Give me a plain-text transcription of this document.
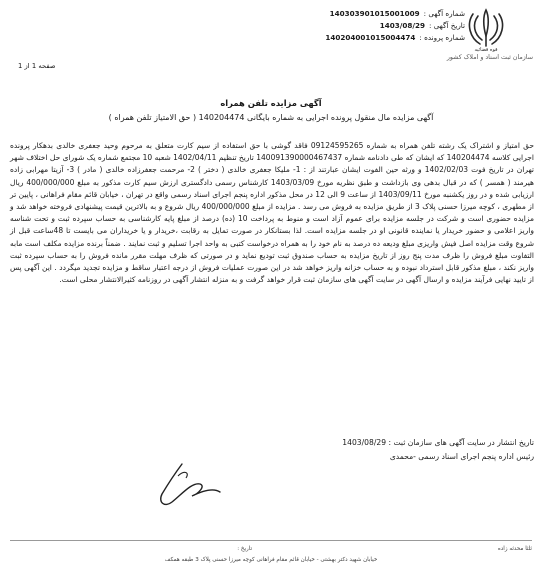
شماره آگهی :
140303901015001009
تاریخ آگهی :
1403/08/29
شماره پرونده :
140204001015004474
ﻗﻮﻩ ﻗﻀﺎﺋﻴﻪ
سازمان ثبت اسناد و املاک کشور
صفحه 1 از 1
آگهی مزایده تلفن همراه
آگهی مزایده مال منقول پرونده اجرایی به شماره بایگانی 140204474 ( حق الامتیاز تلفن همراه )
حق امتیاز و اشتراک یک رشته تلفن همراه به شماره 09124595265 فاقد گوشی با حق استفاده از سیم کارت متعلق به مرحوم وحید جعفری خالدی بدهکار پرونده اجرایی کلاسه 140204474 که ایشان که طی دادنامه شماره 140091390000467437 تاریخ تنظیم 1402/04/11 شعبه 10 مجتمع شماره یک شورای حل اختلاف شهر تهران در تاریخ فوت 1402/02/03 و ورثه حین الفوت ایشان عبارتند از : 1- ملیکا جعفری خالدی ( دختر ) 2- مرحمت جعفرزاده خالدی ( مادر ) 3- آزیتا مهرابی زاده هیرمند ( همسر ) که در قبال بدهی وی بازداشت و طبق نظریه مورخ 1403/03/09 کارشناس رسمی دادگستری ارزش سیم کارت مذکور به مبلغ 400/000/000 ریال ارزیابی شده و در روز یکشنبه مورخ 1403/09/11 از ساعت 9 الی 12 در محل مذکور اداره پنجم اجرای اسناد رسمی واقع در تهران ، خیابان قائم مقام فراهانی ، پایین تر از مطهری ، کوچه میرزا حسنی پلاک 3 از طریق مزایده به فروش می رسد . مزایده از مبلغ 400/000/000 ریال شروع و به بالاترین قیمت پیشنهادی فروخته خواهد شد و مزایده حضوری است و شرکت در جلسه مزایده برای عموم آزاد است و منوط به پرداخت 10 (ده) درصد از مبلغ پایه کارشناسی به حساب سپرده ثبت و تحت شناسه واریز اعلامی و حضور خریدار یا نماینده قانونی او در جلسه مزایده است. لذا بستانکار در صورت تمایل به رقابت ،خریدار و یا خریداران می بایست تا 48ساعت قبل از شروع وقت مزایده اصل فیش واریزی مبلغ ودیعه ده درصد به نام خود را به همراه درخواست کتبی به واحد اجرا تسلیم و ثبت نمایند . ضمناً برنده مزایده مکلف است مابه التفاوت مبلغ فروش را ظرف مدت پنج روز از تاریخ مزایده به حساب صندوق ثبت تودیع نماید و در صورتی که ظرف مهلت مقرر مانده فروش را به حساب سپرده ثبت واریز نکند ، مبلغ مذکور قابل استرداد نبوده و به حساب خزانه واریز خواهد شد در این صورت عملیات فروش از درجه اعتبار ساقط و مزایده تجدید میگردد . این آگهی پس از تایید نهایی فرآیند مزایده و ارسال آگهی در سایت آگهی های سازمان ثبت قرار خواهد گرفت و به منزله انتشار آگهی در روزنامه کثیرالانتشار محلی است.
تاریخ انتشار در سایت آگهی های سازمان ثبت : 1403/08/29
رئیس اداره پنجم اجرای اسناد رسمی -محمدی
ثلثا محدثه زاده
تاریخ :
خیابان شهید دکتر بهشتی - خیابان قائم مقام فراهانی کوچه میرزا حسنی پلاک 3 طبقه همکف
